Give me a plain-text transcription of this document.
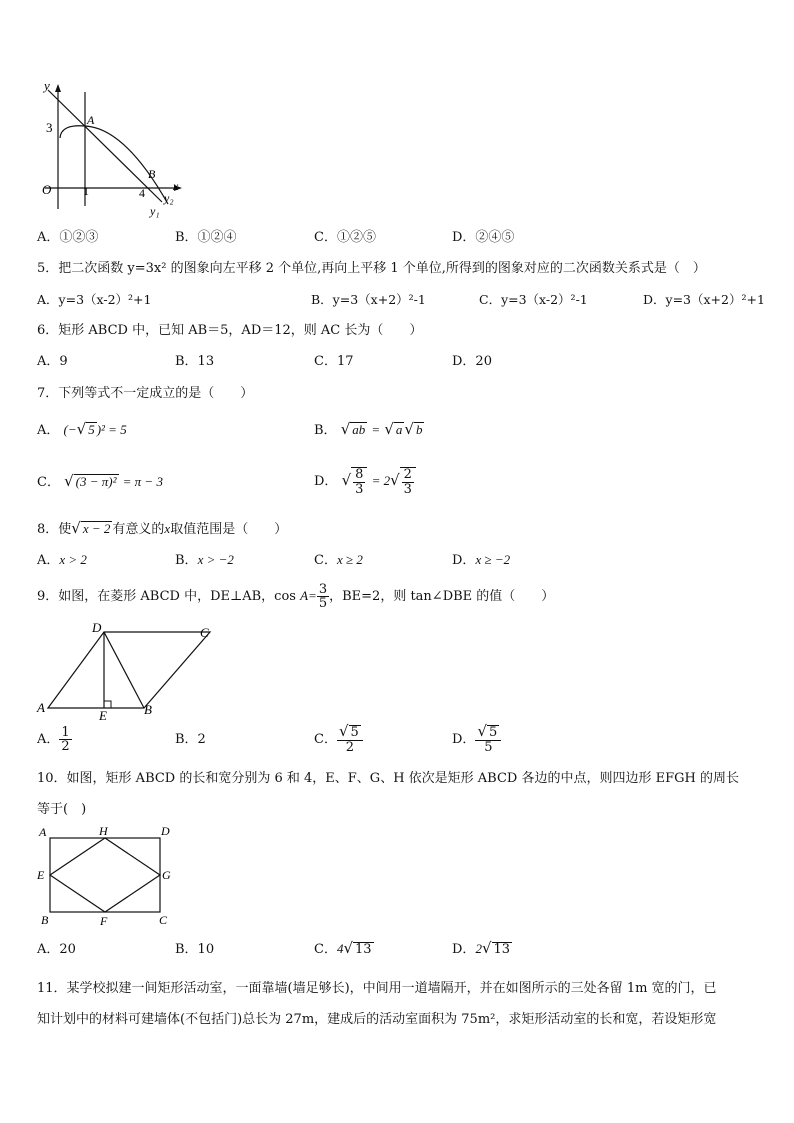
y
x
3	A
O	1
B
4 y₂
y₁
A．①②③	B．①②④	C．①②⑤	D．②④⑤
5．把二次函数 y=3x² 的图象向左平移 2 个单位,再向上平移 1 个单位,所得到的图象对应的二次函数关系式是（　）
A．y=3（x-2）²+1	B．y=3（x+2）²-1	C．y=3（x-2）²-1	D．y=3（x+2）²+1
6．矩形 ABCD 中，已知 AB＝5，AD＝12，则 AC 长为（　　）
A．9	B．13	C．17	D．20
7．下列等式不一定成立的是（　　）
A． (−√ 5 )² = 5	B． √ ab = √ a √ b
C． √ (3 − π)² = π − 3	D． √ $\frac{8}{3} = 2√ \frac{2}{3}$
8．使√ x − 2 有意义的x取值范围是（　　）
A．x > 2	B．x > −2	C．x ≥ 2	D．x ≥ −2
9．如图，在菱形 ABCD 中，DE⊥AB，$\cos A= \frac{3}{5}$ ，BE=2，则 tan∠DBE 的值（　　）
D	C
A
E	B
A． $\frac{1}{2}$	B．2	C． $\frac{√ 5}{2}$	D． $\frac{√ 5}{5}$
10．如图，矩形 ABCD 的长和宽分别为 6 和 4，E、F、G、H 依次是矩形 ABCD 各边的中点，则四边形 EFGH 的周长
等于(　)
A	H	D
E	G
B	F	C
A．20	B．10	C．4√ 13	D．2√ 13
11．某学校拟建一间矩形活动室，一面靠墙(墙足够长)，中间用一道墙隔开，并在如图所示的三处各留 1m 宽的门，已
知计划中的材料可建墙体(不包括门)总长为 27m，建成后的活动室面积为 75m²，求矩形活动室的长和宽，若设矩形宽
